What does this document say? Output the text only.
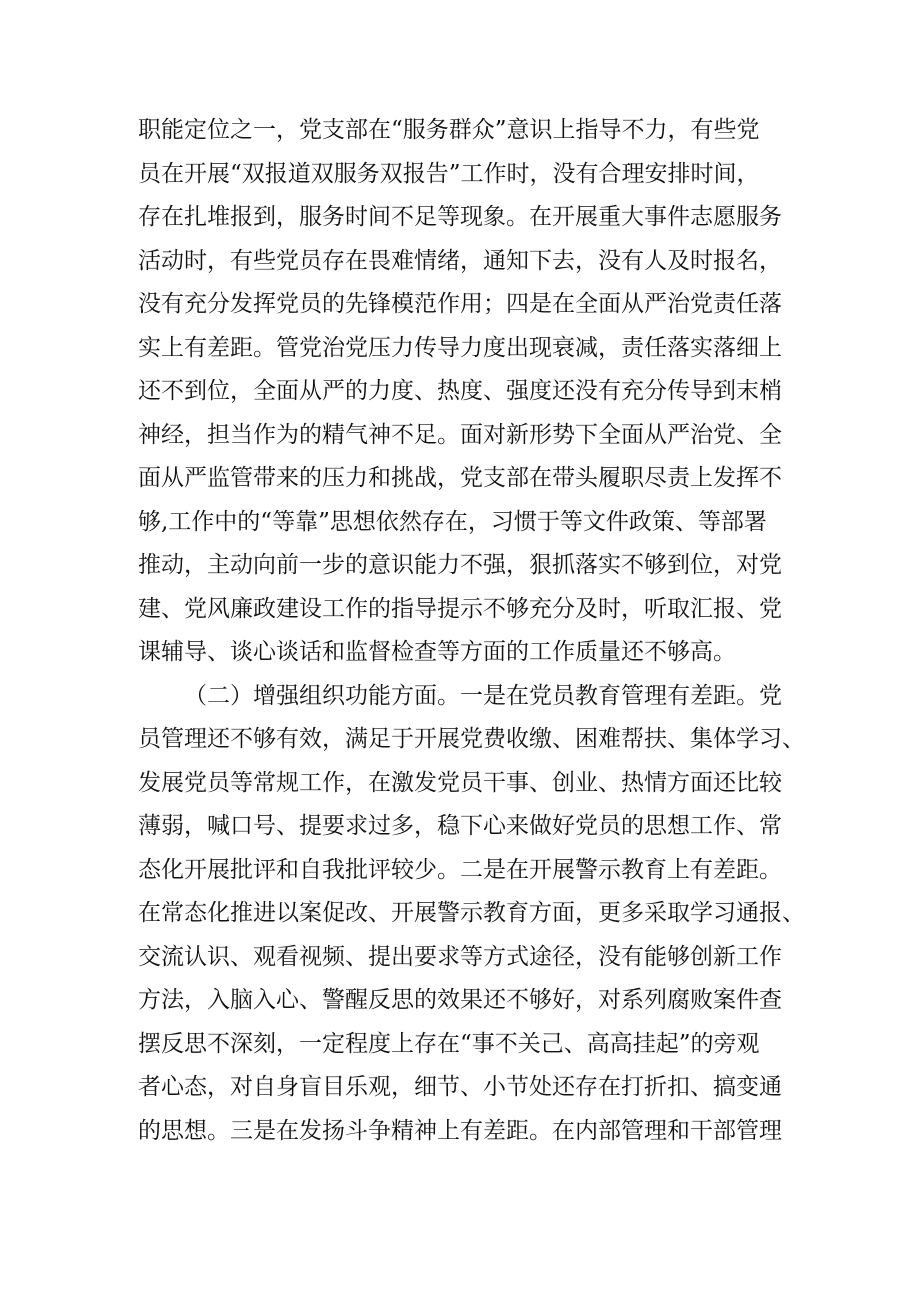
职能定位之一，党支部在“服务群众”意识上指导不力，有些党
员在开展“双报道双服务双报告”工作时，没有合理安排时间，
存在扎堆报到，服务时间不足等现象。在开展重大事件志愿服务
活动时，有些党员存在畏难情绪，通知下去，没有人及时报名，
没有充分发挥党员的先锋模范作用；四是在全面从严治党责任落
实上有差距。管党治党压力传导力度出现衰减，责任落实落细上
还不到位，全面从严的力度、热度、强度还没有充分传导到末梢
神经，担当作为的精气神不足。面对新形势下全面从严治党、全
面从严监管带来的压力和挑战，党支部在带头履职尽责上发挥不
够,工作中的“等靠”思想依然存在，习惯于等文件政策、等部署
推动，主动向前一步的意识能力不强，狠抓落实不够到位，对党
建、党风廉政建设工作的指导提示不够充分及时，听取汇报、党
课辅导、谈心谈话和监督检查等方面的工作质量还不够高。
（二）增强组织功能方面。一是在党员教育管理有差距。党
员管理还不够有效，满足于开展党费收缴、困难帮扶、集体学习、
发展党员等常规工作，在激发党员干事、创业、热情方面还比较
薄弱，喊口号、提要求过多，稳下心来做好党员的思想工作、常
态化开展批评和自我批评较少。二是在开展警示教育上有差距。
在常态化推进以案促改、开展警示教育方面，更多采取学习通报、
交流认识、观看视频、提出要求等方式途径，没有能够创新工作
方法，入脑入心、警醒反思的效果还不够好，对系列腐败案件查
摆反思不深刻，一定程度上存在“事不关己、高高挂起”的旁观
者心态，对自身盲目乐观，细节、小节处还存在打折扣、搞变通
的思想。三是在发扬斗争精神上有差距。在内部管理和干部管理
